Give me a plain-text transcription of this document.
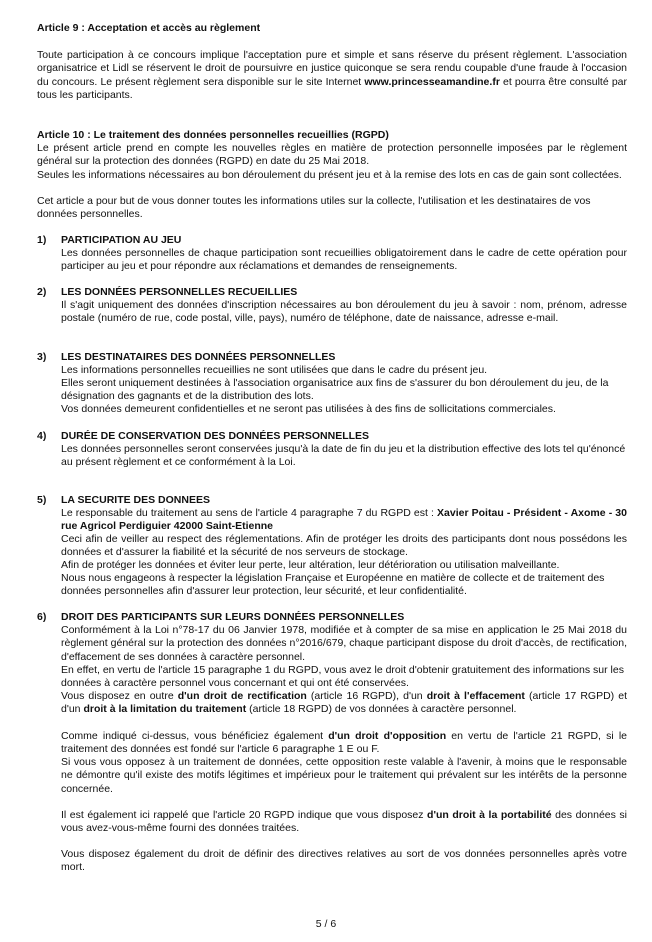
Article 9 : Acceptation et accès au règlement

Toute participation à ce concours implique l'acceptation pure et simple et sans réserve du présent règlement. L'association organisatrice et Lidl se réservent le droit de poursuivre en justice quiconque se sera rendu coupable d'une fraude à l'occasion du concours. Le présent règlement sera disponible sur le site Internet www.princesseamandine.fr et pourra être consulté par tous les participants.

Article 10 : Le traitement des données personnelles recueillies (RGPD)

Le présent article prend en compte les nouvelles règles en matière de protection personnelle imposées par le règlement général sur la protection des données (RGPD) en date du 25 Mai 2018.

Seules les informations nécessaires au bon déroulement du présent jeu et à la remise des lots en cas de gain sont collectées.

Cet article a pour but de vous donner toutes les informations utiles sur la collecte, l'utilisation et les destinataires de vos données personnelles.

1) PARTICIPATION AU JEU

Les données personnelles de chaque participation sont recueillies obligatoirement dans le cadre de cette opération pour participer au jeu et pour répondre aux réclamations et demandes de renseignements.

2) LES DONNÉES PERSONNELLES RECUEILLIES

Il s'agit uniquement des données d'inscription nécessaires au bon déroulement du jeu à savoir : nom, prénom, adresse postale (numéro de rue, code postal, ville, pays), numéro de téléphone, date de naissance, adresse e-mail.

3) LES DESTINATAIRES DES DONNÉES PERSONNELLES

Les informations personnelles recueillies ne sont utilisées que dans le cadre du présent jeu.

Elles seront uniquement destinées à l'association organisatrice aux fins de s'assurer du bon déroulement du jeu, de la désignation des gagnants et de la distribution des lots.

Vos données demeurent confidentielles et ne seront pas utilisées à des fins de sollicitations commerciales.

4) DURÉE DE CONSERVATION DES DONNÉES PERSONNELLES

Les données personnelles seront conservées jusqu'à la date de fin du jeu et la distribution effective des lots tel qu'énoncé au présent règlement et ce conformément à la Loi.

5) LA SECURITE DES DONNEES

Le responsable du traitement au sens de l'article 4 paragraphe 7 du RGPD est : Xavier Poitau - Président - Axome - 30 rue Agricol Perdiguier 42000 Saint-Etienne

Ceci afin de veiller au respect des réglementations. Afin de protéger les droits des participants dont nous possédons les données et d'assurer la fiabilité et la sécurité de nos serveurs de stockage.

Afin de protéger les données et éviter leur perte, leur altération, leur détérioration ou utilisation malveillante.

Nous nous engageons à respecter la législation Française et Européenne en matière de collecte et de traitement des données personnelles afin d'assurer leur protection, leur sécurité, et leur confidentialité.

6) DROIT DES PARTICIPANTS SUR LEURS DONNÉES PERSONNELLES

Conformément à la Loi n°78-17 du 06 Janvier 1978, modifiée et à compter de sa mise en application le 25 Mai 2018 du règlement général sur la protection des données n°2016/679, chaque participant dispose du droit d'accès, de rectification, d'effacement de ses données à caractère personnel.

En effet, en vertu de l'article 15 paragraphe 1 du RGPD, vous avez le droit d'obtenir gratuitement des informations sur les données à caractère personnel vous concernant et qui ont été conservées.

Vous disposez en outre d'un droit de rectification (article 16 RGPD), d'un droit à l'effacement (article 17 RGPD) et d'un droit à la limitation du traitement (article 18 RGPD) de vos données à caractère personnel.

Comme indiqué ci-dessus, vous bénéficiez également d'un droit d'opposition en vertu de l'article 21 RGPD, si le traitement des données est fondé sur l'article 6 paragraphe 1 E ou F.

Si vous vous opposez à un traitement de données, cette opposition reste valable à l'avenir, à moins que le responsable ne démontre qu'il existe des motifs légitimes et impérieux pour le traitement qui prévalent sur les intérêts de la personne concernée.

Il est également ici rappelé que l'article 20 RGPD indique que vous disposez d'un droit à la portabilité des données si vous avez-vous-même fourni des données traitées.

Vous disposez également du droit de définir des directives relatives au sort de vos données personnelles après votre mort.

5 / 6
